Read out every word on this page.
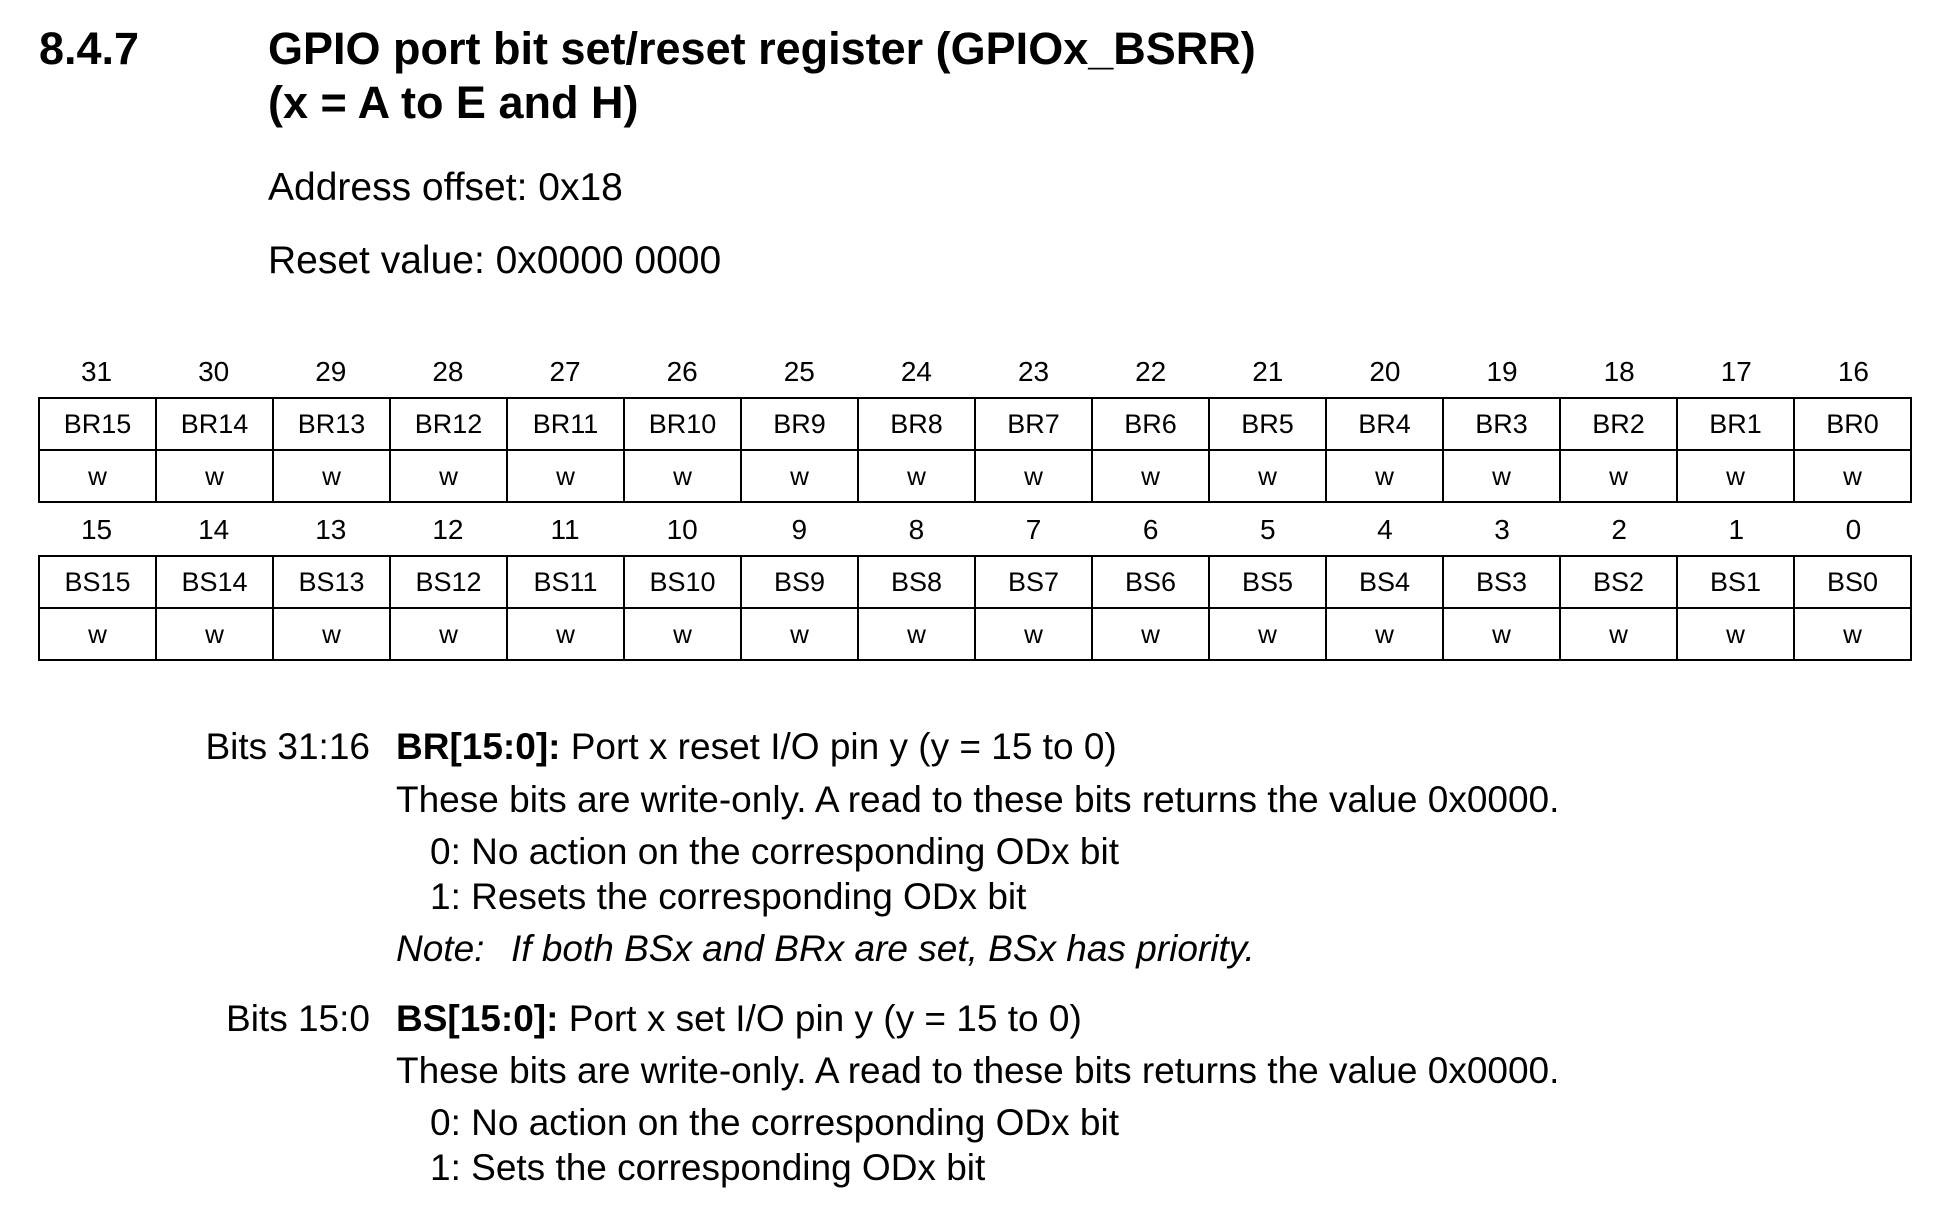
8.4.7	GPIO port bit set/reset register (GPIOx_BSRR)
(x = A to E and H)
Address offset: 0x18
Reset value: 0x0000 0000
31	30	29	28	27	26	25	24	23	22	21	20	19	18	17	16
BR15	BR14	BR13	BR12	BR11	BR10	BR9	BR8	BR7	BR6	BR5	BR4	BR3	BR2	BR1	BR0
w	w	w	w	w	w	w	w	w	w	w	w	w	w	w	w
15	14	13	12	11	10	9	8	7	6	5	4	3	2	1	0
BS15	BS14	BS13	BS12	BS11	BS10	BS9	BS8	BS7	BS6	BS5	BS4	BS3	BS2	BS1	BS0
w	w	w	w	w	w	w	w	w	w	w	w	w	w	w	w
Bits 31:16 BR[15:0]: Port x reset I/O pin y (y = 15 to 0)
These bits are write-only. A read to these bits returns the value 0x0000.
0: No action on the corresponding ODx bit
1: Resets the corresponding ODx bit
Note: If both BSx and BRx are set, BSx has priority.
Bits 15:0 BS[15:0]: Port x set I/O pin y (y = 15 to 0)
These bits are write-only. A read to these bits returns the value 0x0000.
0: No action on the corresponding ODx bit
1: Sets the corresponding ODx bit
